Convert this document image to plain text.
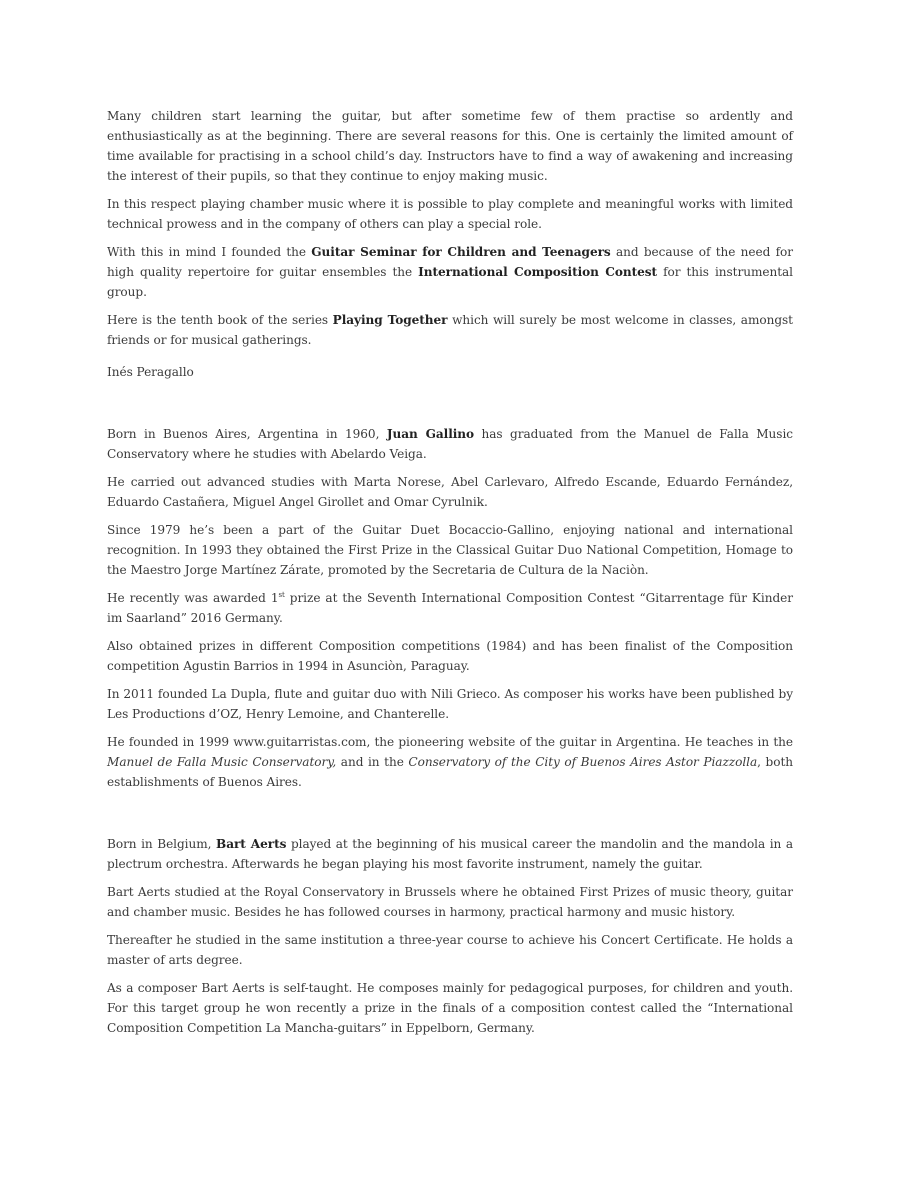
Many children start learning the guitar, but after sometime few of them practise so ardently and enthusiastically as at the beginning. There are several reasons for this. One is certainly the limited amount of time available for practising in a school child’s day. Instructors have to find a way of awakening and increasing the interest of their pupils, so that they continue to enjoy making music.

In this respect playing chamber music where it is possible to play complete and meaningful works with limited technical prowess and in the company of others can play a special role.

With this in mind I founded the Guitar Seminar for Children and Teenagers and because of the need for high quality repertoire for guitar ensembles the International Composition Contest for this instrumental group.

Here is the tenth book of the series Playing Together which will surely be most welcome in classes, amongst friends or for musical gatherings.

Inés Peragallo

Born in Buenos Aires, Argentina in 1960, Juan Gallino has graduated from the Manuel de Falla Music Conservatory where he studies with Abelardo Veiga.

He carried out advanced studies with Marta Norese, Abel Carlevaro, Alfredo Escande, Eduardo Fernández, Eduardo Castañera, Miguel Angel Girollet and Omar Cyrulnik.

Since 1979 he’s been a part of the Guitar Duet Bocaccio-Gallino, enjoying national and international recognition. In 1993 they obtained the First Prize in the Classical Guitar Duo National Competition, Homage to the Maestro Jorge Martínez Zárate, promoted by the Secretaria de Cultura de la Naciòn.

He recently was awarded 1st prize at the Seventh International Composition Contest “Gitarrentage für Kinder im Saarland” 2016 Germany.

Also obtained prizes in different Composition competitions (1984) and has been finalist of the Composition competition Agustin Barrios in 1994 in Asunciòn, Paraguay.

In 2011 founded La Dupla, flute and guitar duo with Nili Grieco. As composer his works have been published by Les Productions d’OZ, Henry Lemoine, and Chanterelle.

He founded in 1999 www.guitarristas.com, the pioneering website of the guitar in Argentina. He teaches in the Manuel de Falla Music Conservatory, and in the Conservatory of the City of Buenos Aires Astor Piazzolla, both establishments of Buenos Aires.

Born in Belgium, Bart Aerts played at the beginning of his musical career the mandolin and the mandola in a plectrum orchestra. Afterwards he began playing his most favorite instrument, namely the guitar.

Bart Aerts studied at the Royal Conservatory in Brussels where he obtained First Prizes of music theory, guitar and chamber music. Besides he has followed courses in harmony, practical harmony and music history.

Thereafter he studied in the same institution a three-year course to achieve his Concert Certificate. He holds a master of arts degree.

As a composer Bart Aerts is self-taught. He composes mainly for pedagogical purposes, for children and youth. For this target group he won recently a prize in the finals of a composition contest called the “International Composition Competition La Mancha-guitars” in Eppelborn, Germany.
